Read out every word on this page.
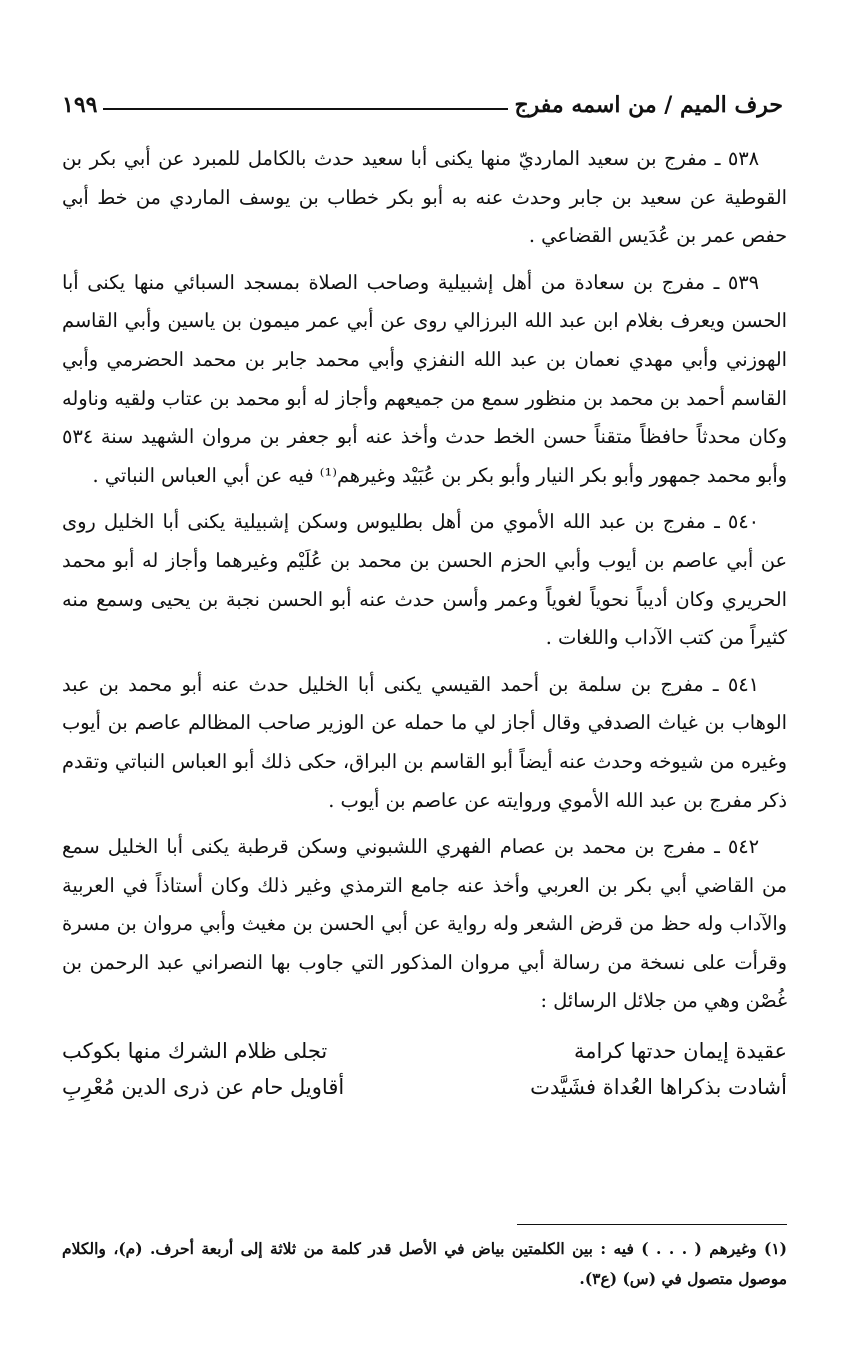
حرف الميم / من اسمه مفرج
١٩٩

٥٣٨ ـ مفرج بن سعيد المارديّ منها يكنى أبا سعيد حدث بالكامل للمبرد عن أبي بكر بن القوطية عن سعيد بن جابر وحدث عنه به أبو بكر خطاب بن يوسف الماردي من خط أبي حفص عمر بن عُدَيس القضاعي .

٥٣٩ ـ مفرج بن سعادة من أهل إشبيلية وصاحب الصلاة بمسجد السبائي منها يكنى أبا الحسن ويعرف بغلام ابن عبد الله البرزالي روى عن أبي عمر ميمون بن ياسين وأبي القاسم الهوزني وأبي مهدي نعمان بن عبد الله النفزي وأبي محمد جابر بن محمد الحضرمي وأبي القاسم أحمد بن محمد بن منظور سمع من جميعهم وأجاز له أبو محمد بن عتاب ولقيه وناوله وكان محدثاً حافظاً متقناً حسن الخط حدث وأخذ عنه أبو جعفر بن مروان الشهيد سنة ٥٣٤ وأبو محمد جمهور وأبو بكر النيار وأبو بكر بن عُبَيْد وغيرهم⁽¹⁾ فيه عن أبي العباس النباتي .

٥٤٠ ـ مفرج بن عبد الله الأموي من أهل بطليوس وسكن إشبيلية يكنى أبا الخليل روى عن أبي عاصم بن أيوب وأبي الحزم الحسن بن محمد بن عُلَيْم وغيرهما وأجاز له أبو محمد الحريري وكان أديباً نحوياً لغوياً وعمر وأسن حدث عنه أبو الحسن نجبة بن يحيى وسمع منه كثيراً من كتب الآداب واللغات .

٥٤١ ـ مفرج بن سلمة بن أحمد القيسي يكنى أبا الخليل حدث عنه أبو محمد بن عبد الوهاب بن غياث الصدفي وقال أجاز لي ما حمله عن الوزير صاحب المظالم عاصم بن أيوب وغيره من شيوخه وحدث عنه أيضاً أبو القاسم بن البراق، حكى ذلك أبو العباس النباتي وتقدم ذكر مفرج بن عبد الله الأموي وروايته عن عاصم بن أيوب .

٥٤٢ ـ مفرج بن محمد بن عصام الفهري اللشبوني وسكن قرطبة يكنى أبا الخليل سمع من القاضي أبي بكر بن العربي وأخذ عنه جامع الترمذي وغير ذلك وكان أستاذاً في العربية والآداب وله حظ من قرض الشعر وله رواية عن أبي الحسن بن مغيث وأبي مروان بن مسرة وقرأت على نسخة من رسالة أبي مروان المذكور التي جاوب بها النصراني عبد الرحمن بن غُصْن وهي من جلائل الرسائل :

عقيدة إيمان حدتها كرامة
تجلى ظلام الشرك منها بكوكب
أشادت بذكراها العُداة فشَيَّدت
أقاويل حام عن ذرى الدين مُعْرِبِ
(١) وغيرهم ( . . . ) فيه : بين الكلمتين بياض في الأصل قدر كلمة من ثلاثة إلى أربعة أحرف. (م)، والكلام موصول متصول في (س) (ع٣).
